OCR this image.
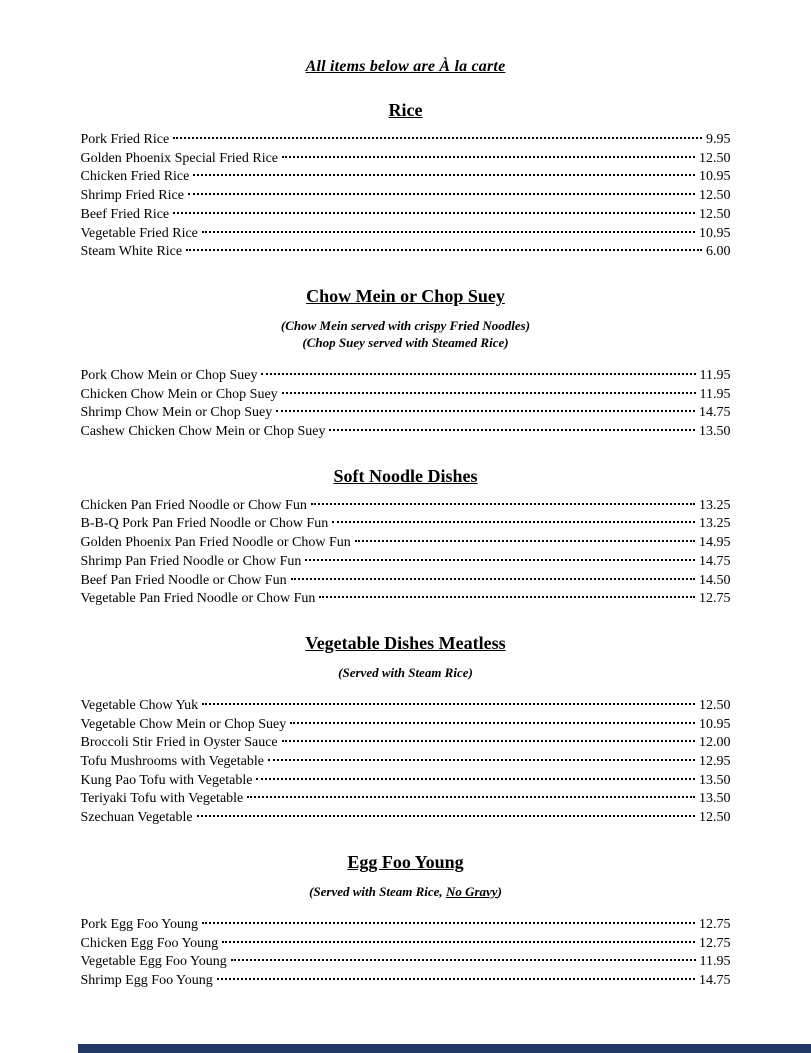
All items below are À la carte
Rice
Pork Fried Rice	9.95
Golden Phoenix Special Fried Rice	12.50
Chicken Fried Rice	10.95
Shrimp Fried Rice	12.50
Beef Fried Rice	12.50
Vegetable Fried Rice	10.95
Steam White Rice	6.00
Chow Mein or Chop Suey
(Chow Mein served with crispy Fried Noodles)
(Chop Suey served with Steamed Rice)
Pork Chow Mein or Chop Suey	11.95
Chicken Chow Mein or Chop Suey	11.95
Shrimp Chow Mein or Chop Suey	14.75
Cashew Chicken Chow Mein or Chop Suey	13.50
Soft Noodle Dishes
Chicken Pan Fried Noodle or Chow Fun	13.25
B-B-Q Pork Pan Fried Noodle or Chow Fun	13.25
Golden Phoenix Pan Fried Noodle or Chow Fun	14.95
Shrimp Pan Fried Noodle or Chow Fun	14.75
Beef Pan Fried Noodle or Chow Fun	14.50
Vegetable Pan Fried Noodle or Chow Fun	12.75
Vegetable Dishes Meatless
(Served with Steam Rice)
Vegetable Chow Yuk	12.50
Vegetable Chow Mein or Chop Suey	10.95
Broccoli Stir Fried in Oyster Sauce	12.00
Tofu Mushrooms with Vegetable	12.95
Kung Pao Tofu with Vegetable	13.50
Teriyaki Tofu with Vegetable	13.50
Szechuan Vegetable	12.50
Egg Foo Young
(Served with Steam Rice, No Gravy)
Pork Egg Foo Young	12.75
Chicken Egg Foo Young	12.75
Vegetable Egg Foo Young	11.95
Shrimp Egg Foo Young	14.75
